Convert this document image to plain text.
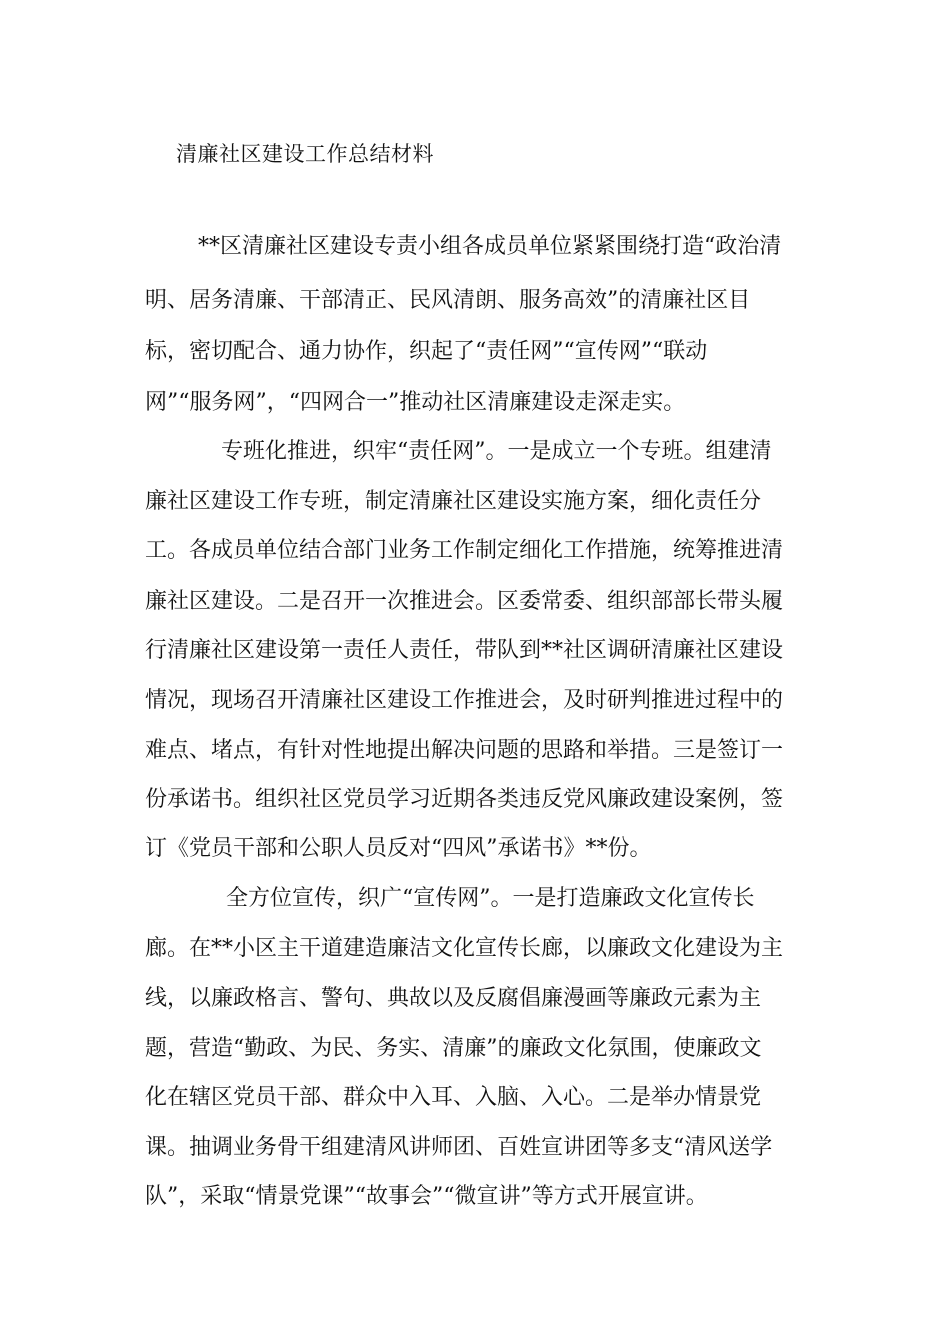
清廉社区建设工作总结材料
**区清廉社区建设专责小组各成员单位紧紧围绕打造“政治清
明、居务清廉、干部清正、民风清朗、服务高效”的清廉社区目
标，密切配合、通力协作，织起了“责任网”“宣传网”“联动
网”“服务网”，“四网合一”推动社区清廉建设走深走实。
专班化推进，织牢“责任网”。一是成立一个专班。组建清
廉社区建设工作专班，制定清廉社区建设实施方案，细化责任分
工。各成员单位结合部门业务工作制定细化工作措施，统筹推进清
廉社区建设。二是召开一次推进会。区委常委、组织部部长带头履
行清廉社区建设第一责任人责任，带队到**社区调研清廉社区建设
情况，现场召开清廉社区建设工作推进会，及时研判推进过程中的
难点、堵点，有针对性地提出解决问题的思路和举措。三是签订一
份承诺书。组织社区党员学习近期各类违反党风廉政建设案例，签
订《党员干部和公职人员反对“四风”承诺书》**份。
全方位宣传，织广“宣传网”。一是打造廉政文化宣传长
廊。在**小区主干道建造廉洁文化宣传长廊，以廉政文化建设为主
线，以廉政格言、警句、典故以及反腐倡廉漫画等廉政元素为主
题，营造“勤政、为民、务实、清廉”的廉政文化氛围，使廉政文
化在辖区党员干部、群众中入耳、入脑、入心。二是举办情景党
课。抽调业务骨干组建清风讲师团、百姓宣讲团等多支“清风送学
队”，采取“情景党课”“故事会”“微宣讲”等方式开展宣讲。
